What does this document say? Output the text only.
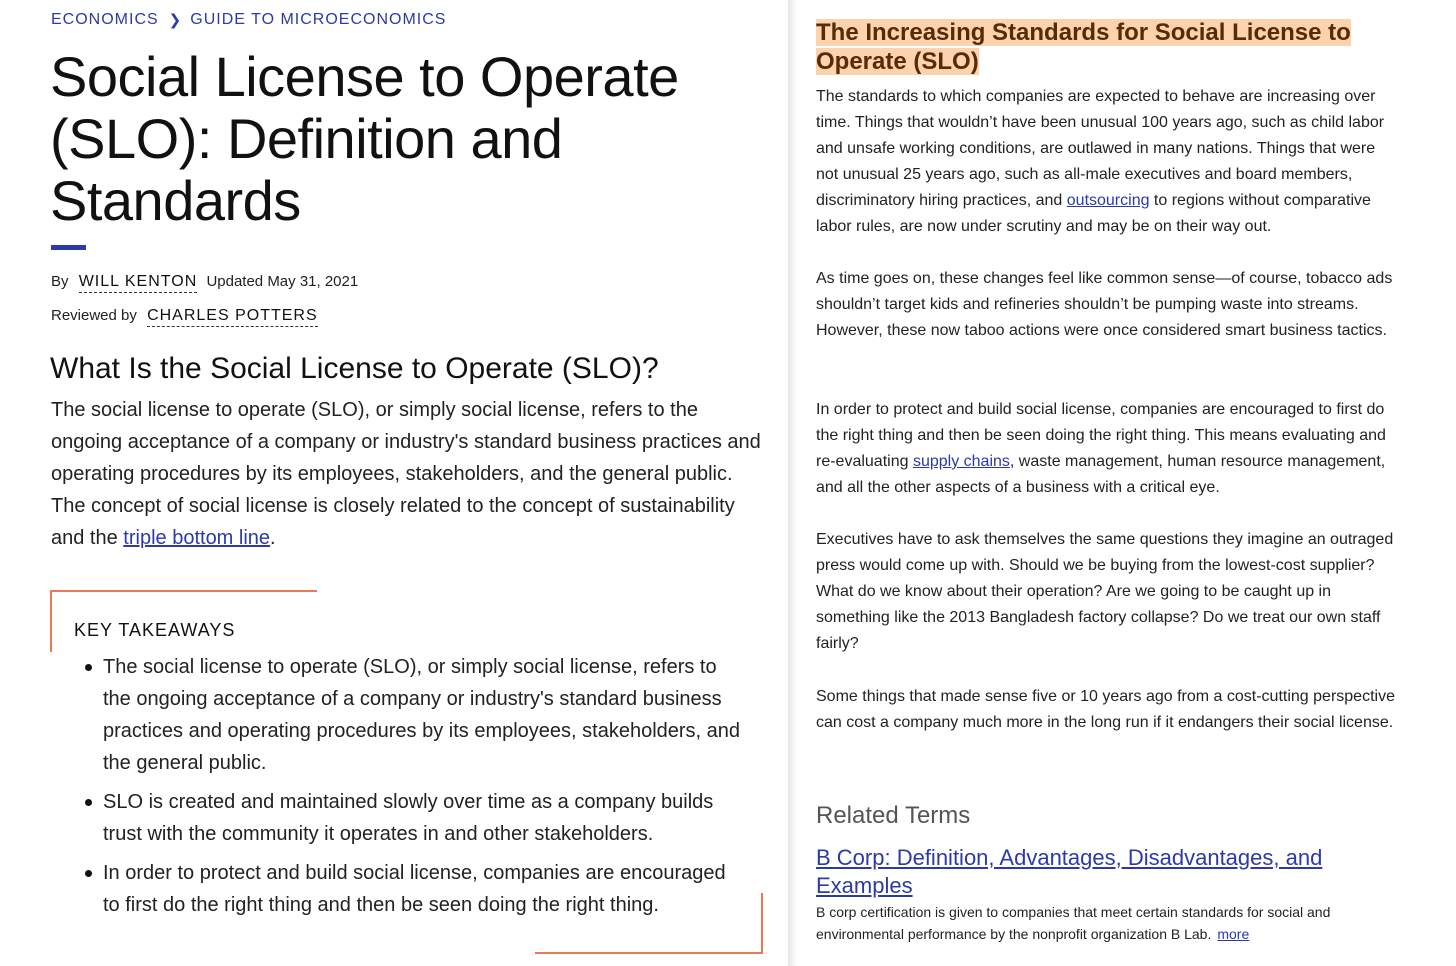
ECONOMICS ❯ GUIDE TO MICROECONOMICS
Social License to Operate (SLO): Definition and Standards
By WILL KENTON Updated May 31, 2021
Reviewed by CHARLES POTTERS
What Is the Social License to Operate (SLO)?

The social license to operate (SLO), or simply social license, refers to the ongoing acceptance of a company or industry's standard business practices and operating procedures by its employees, stakeholders, and the general public. The concept of social license is closely related to the concept of sustainability and the triple bottom line.

KEY TAKEAWAYS
The social license to operate (SLO), or simply social license, refers to the ongoing acceptance of a company or industry's standard business practices and operating procedures by its employees, stakeholders, and the general public.
SLO is created and maintained slowly over time as a company builds trust with the community it operates in and other stakeholders.
In order to protect and build social license, companies are encouraged to first do the right thing and then be seen doing the right thing.
The Increasing Standards for Social License to Operate (SLO)

The standards to which companies are expected to behave are increasing over time. Things that wouldn’t have been unusual 100 years ago, such as child labor and unsafe working conditions, are outlawed in many nations. Things that were not unusual 25 years ago, such as all-male executives and board members, discriminatory hiring practices, and outsourcing to regions without comparative labor rules, are now under scrutiny and may be on their way out.

As time goes on, these changes feel like common sense—of course, tobacco ads shouldn’t target kids and refineries shouldn’t be pumping waste into streams. However, these now taboo actions were once considered smart business tactics.

In order to protect and build social license, companies are encouraged to first do the right thing and then be seen doing the right thing. This means evaluating and re-evaluating supply chains, waste management, human resource management, and all the other aspects of a business with a critical eye.

Executives have to ask themselves the same questions they imagine an outraged press would come up with. Should we be buying from the lowest-cost supplier? What do we know about their operation? Are we going to be caught up in something like the 2013 Bangladesh factory collapse? Do we treat our own staff fairly?

Some things that made sense five or 10 years ago from a cost-cutting perspective can cost a company much more in the long run if it endangers their social license.

Related Terms
B Corp: Definition, Advantages, Disadvantages, and Examples

B corp certification is given to companies that meet certain standards for social and environmental performance by the nonprofit organization B Lab. more
